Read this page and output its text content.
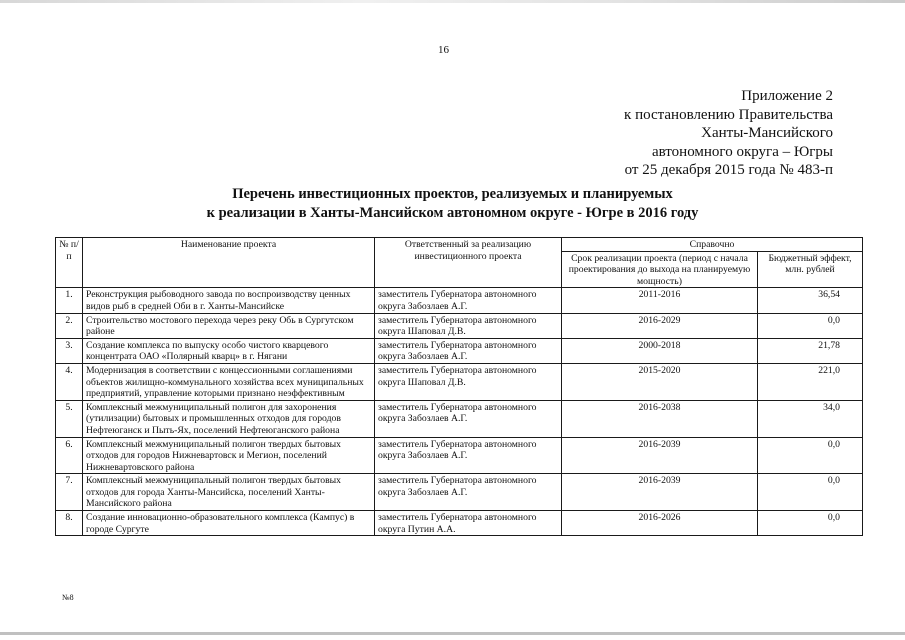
16
Приложение 2
к постановлению Правительства
Ханты-Мансийского
автономного округа – Югры
от 25 декабря 2015 года № 483-п
Перечень инвестиционных проектов, реализуемых и планируемых
к реализации в Ханты-Мансийском автономном округе - Югре в 2016 году
№ п/п	Наименование проекта	Ответственный за реализацию инвестиционного проекта	Справочно	
			Срок реализации проекта (период с начала проектирования до выхода на планируемую мощность)	Бюджетный эффект, млн. рублей
1.	Реконструкция рыбоводного завода по воспроизводству ценных видов рыб в средней Оби в г. Ханты-Мансийске	заместитель Губернатора автономного округа Забозлаев А.Г.	2011-2016	36,54
2.	Строительство мостового перехода через реку Обь в Сургутском районе	заместитель Губернатора автономного округа Шаповал Д.В.	2016-2029	0,0
3.	Создание комплекса по выпуску особо чистого кварцевого концентрата ОАО «Полярный кварц» в г. Нягани	заместитель Губернатора автономного округа Забозлаев А.Г.	2000-2018	21,78
4.	Модернизация в соответствии с концессионными соглашениями объектов жилищно-коммунального хозяйства всех муниципальных предприятий, управление которыми признано неэффективным	заместитель Губернатора автономного округа Шаповал Д.В.	2015-2020	221,0
5.	Комплексный межмуниципальный полигон для захоронения (утилизации) бытовых и промышленных отходов для городов Нефтеюганск и Пыть-Ях, поселений Нефтеюганского района	заместитель Губернатора автономного округа Забозлаев А.Г.	2016-2038	34,0
6.	Комплексный межмуниципальный полигон твердых бытовых отходов для городов Нижневартовск и Мегион, поселений Нижневартовского района	заместитель Губернатора автономного округа Забозлаев А.Г.	2016-2039	0,0
7.	Комплексный межмуниципальный полигон твердых бытовых отходов для города Ханты-Мансийска, поселений Ханты-Мансийского района	заместитель Губернатора автономного округа Забозлаев А.Г.	2016-2039	0,0
8.	Создание инновационно-образовательного комплекса (Кампус) в городе Сургуте	заместитель Губернатора автономного округа Путин А.А.	2016-2026	0,0
№8
